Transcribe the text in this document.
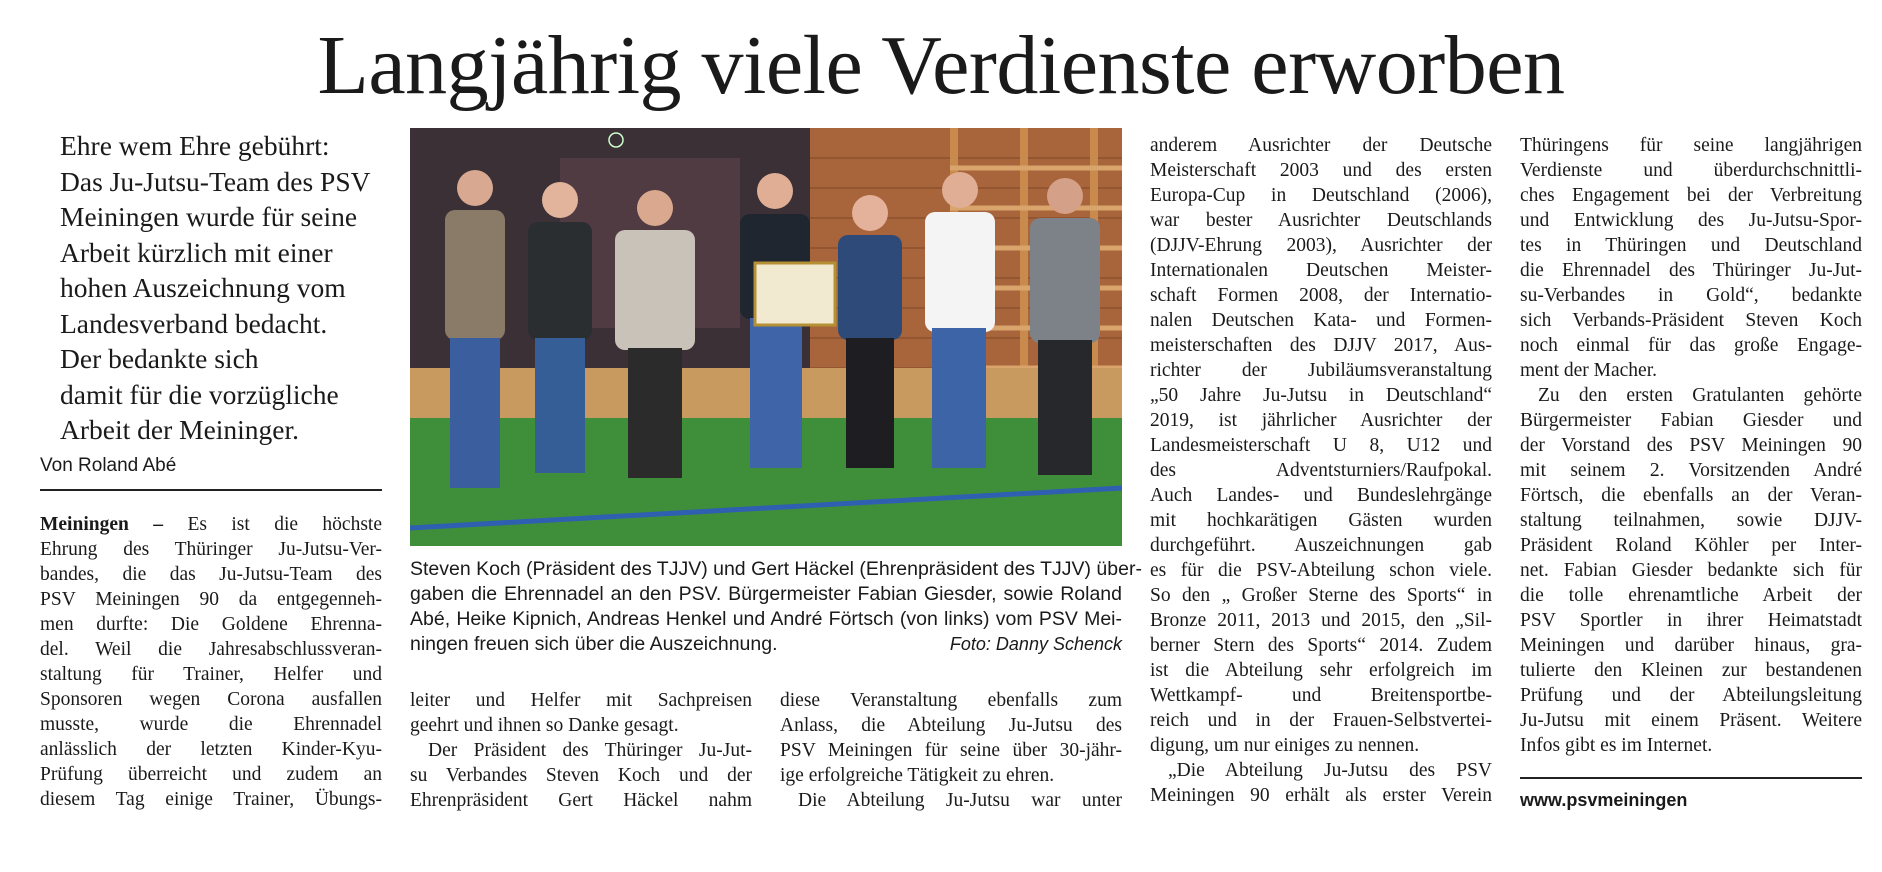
Langjährig viele Verdienste erworben
Ehre wem Ehre gebührt:
Das Ju-Jutsu-Team des PSV
Meiningen wurde für seine
Arbeit kürzlich mit einer
hohen Auszeichnung vom
Landesverband bedacht.
Der bedankte sich
damit für die vorzügliche
Arbeit der Meininger.
Von Roland Abé
Meiningen – Es ist die höchste
Ehrung des Thüringer Ju-Jutsu-Ver-
bandes, die das Ju-Jutsu-Team des
PSV Meiningen 90 da entgegenneh-
men durfte: Die Goldene Ehrenna-
del. Weil die Jahresabschlussveran-
staltung für Trainer, Helfer und
Sponsoren wegen Corona ausfallen
musste, wurde die Ehrennadel
anlässlich der letzten Kinder-Kyu-
Prüfung überreicht und zudem an
diesem Tag einige Trainer, Übungs-
Steven Koch (Präsident des TJJV) und Gert Häckel (Ehrenpräsident des TJJV) über-
gaben die Ehrennadel an den PSV. Bürgermeister Fabian Giesder, sowie Roland
Abé, Heike Kipnich, Andreas Henkel und André Förtsch (von links) vom PSV Mei-
ningen freuen sich über die Auszeichnung.	Foto: Danny Schenck
leiter und Helfer mit Sachpreisen
geehrt und ihnen so Danke gesagt.
Der Präsident des Thüringer Ju-Jut-
su Verbandes Steven Koch und der
Ehrenpräsident Gert Häckel nahm
diese Veranstaltung ebenfalls zum
Anlass, die Abteilung Ju-Jutsu des
PSV Meiningen für seine über 30-jähr-
ige erfolgreiche Tätigkeit zu ehren.
Die Abteilung Ju-Jutsu war unter
anderem Ausrichter der Deutsche
Meisterschaft 2003 und des ersten
Europa-Cup in Deutschland (2006),
war bester Ausrichter Deutschlands
(DJJV-Ehrung 2003), Ausrichter der
Internationalen Deutschen Meister-
schaft Formen 2008, der Internatio-
nalen Deutschen Kata- und Formen-
meisterschaften des DJJV 2017, Aus-
richter der Jubiläumsveranstaltung
„50 Jahre Ju-Jutsu in Deutschland“
2019, ist jährlicher Ausrichter der
Landesmeisterschaft U 8, U12 und
des Adventsturniers/Raufpokal.
Auch Landes- und Bundeslehrgänge
mit hochkarätigen Gästen wurden
durchgeführt. Auszeichnungen gab
es für die PSV-Abteilung schon viele.
So den „ Großer Sterne des Sports“ in
Bronze 2011, 2013 und 2015, den „Sil-
berner Stern des Sports“ 2014. Zudem
ist die Abteilung sehr erfolgreich im
Wettkampf- und Breitensportbe-
reich und in der Frauen-Selbstvertei-
digung, um nur einiges zu nennen.
„Die Abteilung Ju-Jutsu des PSV
Meiningen 90 erhält als erster Verein
Thüringens für seine langjährigen
Verdienste und überdurchschnittli-
ches Engagement bei der Verbreitung
und Entwicklung des Ju-Jutsu-Spor-
tes in Thüringen und Deutschland
die Ehrennadel des Thüringer Ju-Jut-
su-Verbandes in Gold“, bedankte
sich Verbands-Präsident Steven Koch
noch einmal für das große Engage-
ment der Macher.
Zu den ersten Gratulanten gehörte
Bürgermeister Fabian Giesder und
der Vorstand des PSV Meiningen 90
mit seinem 2. Vorsitzenden André
Förtsch, die ebenfalls an der Veran-
staltung teilnahmen, sowie DJJV-
Präsident Roland Köhler per Inter-
net. Fabian Giesder bedankte sich für
die tolle ehrenamtliche Arbeit der
PSV Sportler in ihrer Heimatstadt
Meiningen und darüber hinaus, gra-
tulierte den Kleinen zur bestandenen
Prüfung und der Abteilungsleitung
Ju-Jutsu mit einem Präsent. Weitere
Infos gibt es im Internet.
www.psvmeiningen
